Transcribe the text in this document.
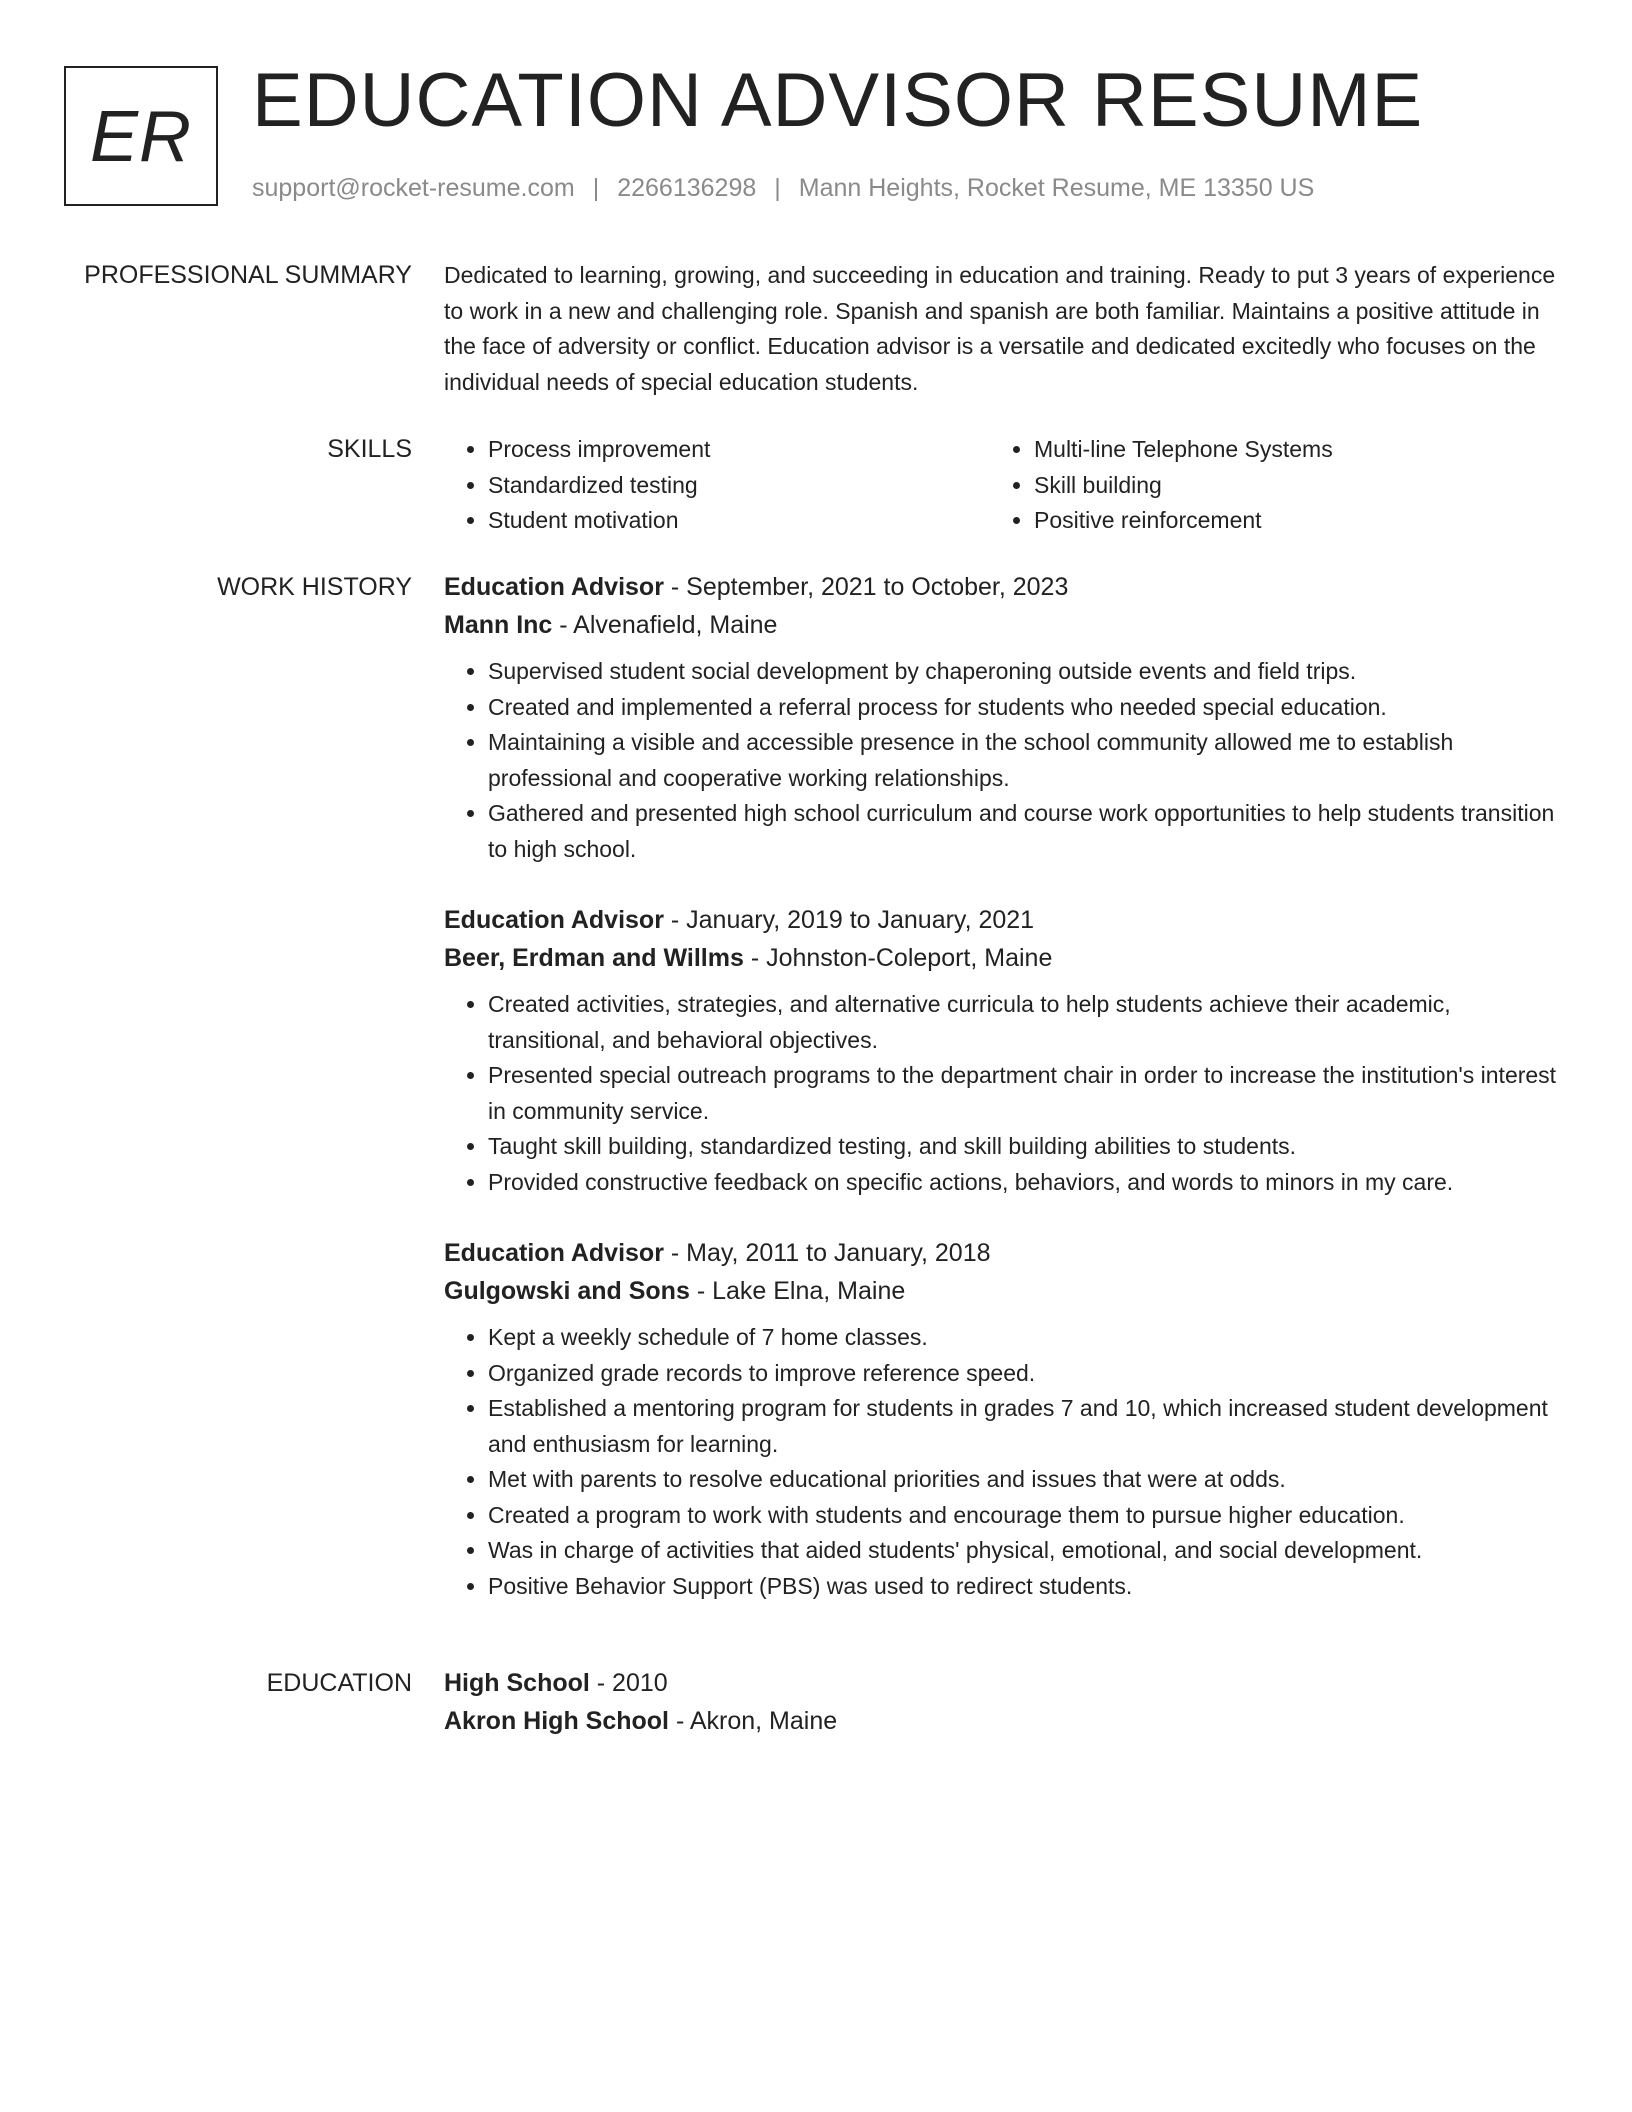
ER EDUCATION ADVISOR RESUME
support@rocket-resume.com | 2266136298 | Mann Heights, Rocket Resume, ME 13350 US
PROFESSIONAL SUMMARY Dedicated to learning, growing, and succeeding in education and training. Ready to put 3 years of experience to work in a new and challenging role. Spanish and spanish are both familiar. Maintains a positive attitude in the face of adversity or conflict. Education advisor is a versatile and dedicated excitedly who focuses on the individual needs of special education students.
SKILLS
•	Process improvement
• Standardized testing
• Student motivation
• Multi-line Telephone Systems
• Skill building
• Positive reinforcement
WORK HISTORY Education Advisor - September, 2021 to October, 2023
Mann Inc - Alvenafield, Maine
• Supervised student social development by chaperoning outside events and field trips.
• Created and implemented a referral process for students who needed special education.
• Maintaining a visible and accessible presence in the school community allowed me to establish professional and cooperative working relationships.
• Gathered and presented high school curriculum and course work opportunities to help students transition to high school.
Education Advisor - January, 2019 to January, 2021
Beer, Erdman and Willms - Johnston-Coleport, Maine
• Created activities, strategies, and alternative curricula to help students achieve their academic, transitional, and behavioral objectives.
• Presented special outreach programs to the department chair in order to increase the institution's interest in community service.
• Taught skill building, standardized testing, and skill building abilities to students.
• Provided constructive feedback on specific actions, behaviors, and words to minors in my care.
Education Advisor - May, 2011 to January, 2018
Gulgowski and Sons - Lake Elna, Maine
• Kept a weekly schedule of 7 home classes.
• Organized grade records to improve reference speed.
• Established a mentoring program for students in grades 7 and 10, which increased student development and enthusiasm for learning.
• Met with parents to resolve educational priorities and issues that were at odds.
• Created a program to work with students and encourage them to pursue higher education.
• Was in charge of activities that aided students' physical, emotional, and social development.
• Positive Behavior Support (PBS) was used to redirect students.
EDUCATION High School - 2010
Akron High School - Akron, Maine
